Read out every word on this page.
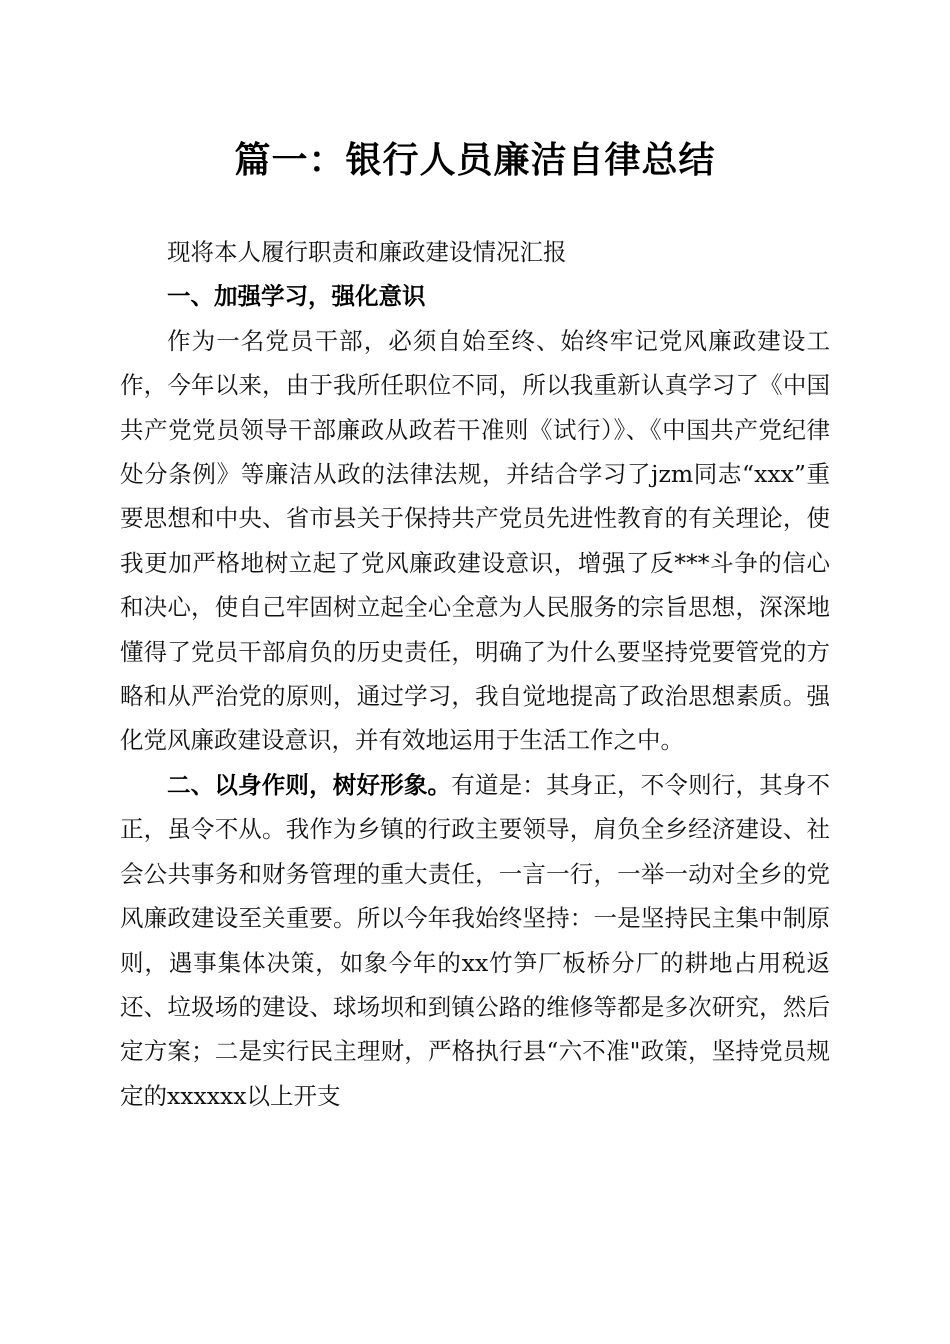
篇一：银行人员廉洁自律总结

现将本人履行职责和廉政建设情况汇报

一、加强学习，强化意识

作为一名党员干部，必须自始至终、始终牢记党风廉政建设工作，今年以来，由于我所任职位不同，所以我重新认真学习了《中国共产党党员领导干部廉政从政若干准则《试行）》、《中国共产党纪律处分条例》等廉洁从政的法律法规，并结合学习了jzm同志“xxx”重要思想和中央、省市县关于保持共产党员先进性教育的有关理论，使我更加严格地树立起了党风廉政建设意识，增强了反***斗争的信心和决心，使自己牢固树立起全心全意为人民服务的宗旨思想，深深地懂得了党员干部肩负的历史责任，明确了为什么要坚持党要管党的方略和从严治党的原则，通过学习，我自觉地提高了政治思想素质。强化党风廉政建设意识，并有效地运用于生活工作之中。

二、以身作则，树好形象。有道是：其身正，不令则行，其身不正，虽令不从。我作为乡镇的行政主要领导，肩负全乡经济建设、社会公共事务和财务管理的重大责任，一言一行，一举一动对全乡的党风廉政建设至关重要。所以今年我始终坚持：一是坚持民主集中制原则，遇事集体决策，如象今年的xx竹笋厂板桥分厂的耕地占用税返还、垃圾场的建设、球场坝和到镇公路的维修等都是多次研究，然后定方案；二是实行民主理财，严格执行县“六不准"政策，坚持党员规定的xxxxxx以上开支
